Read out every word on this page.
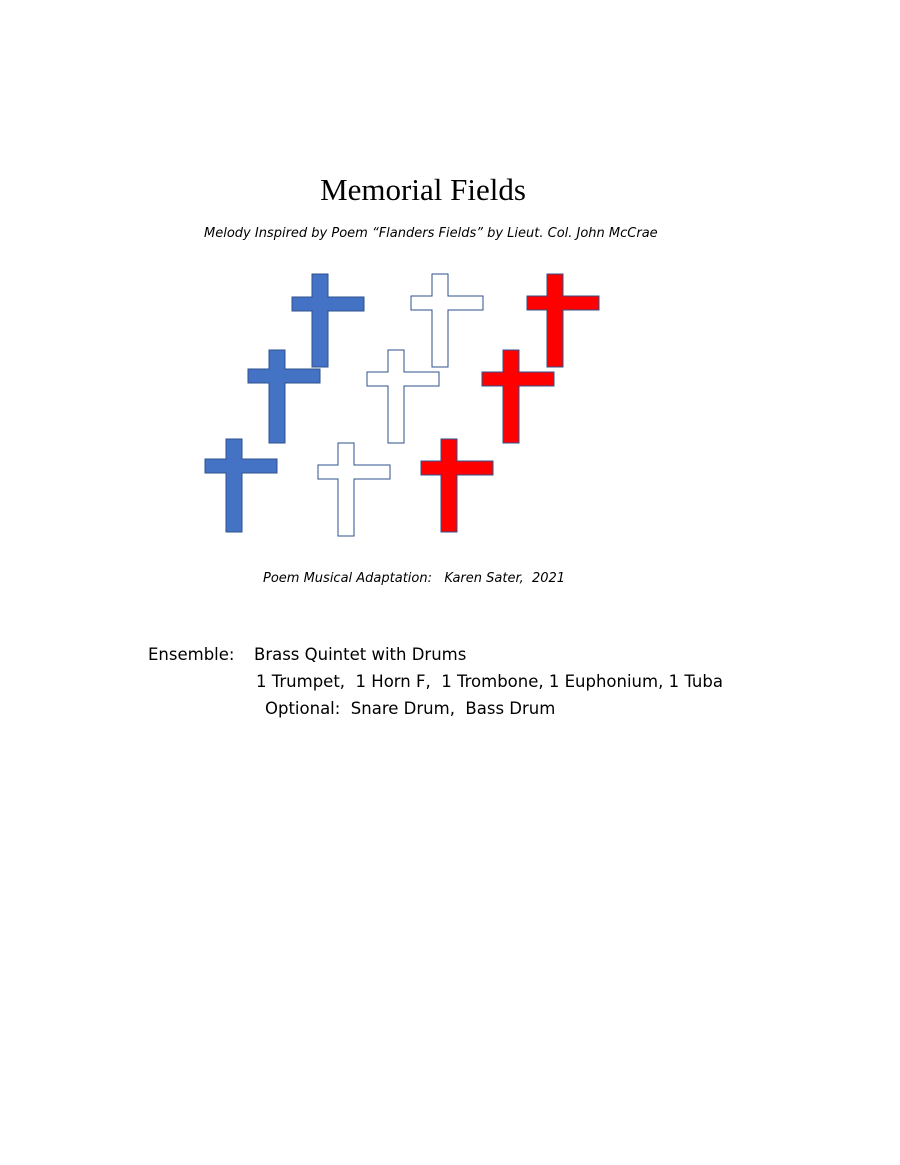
Memorial Fields
Melody Inspired by Poem “Flanders Fields” by Lieut. Col. John McCrae
Poem Musical Adaptation:   Karen Sater,  2021
Ensemble: Brass Quintet with Drums
1 Trumpet,  1 Horn F,  1 Trombone, 1 Euphonium, 1 Tuba
Optional:  Snare Drum,  Bass Drum
